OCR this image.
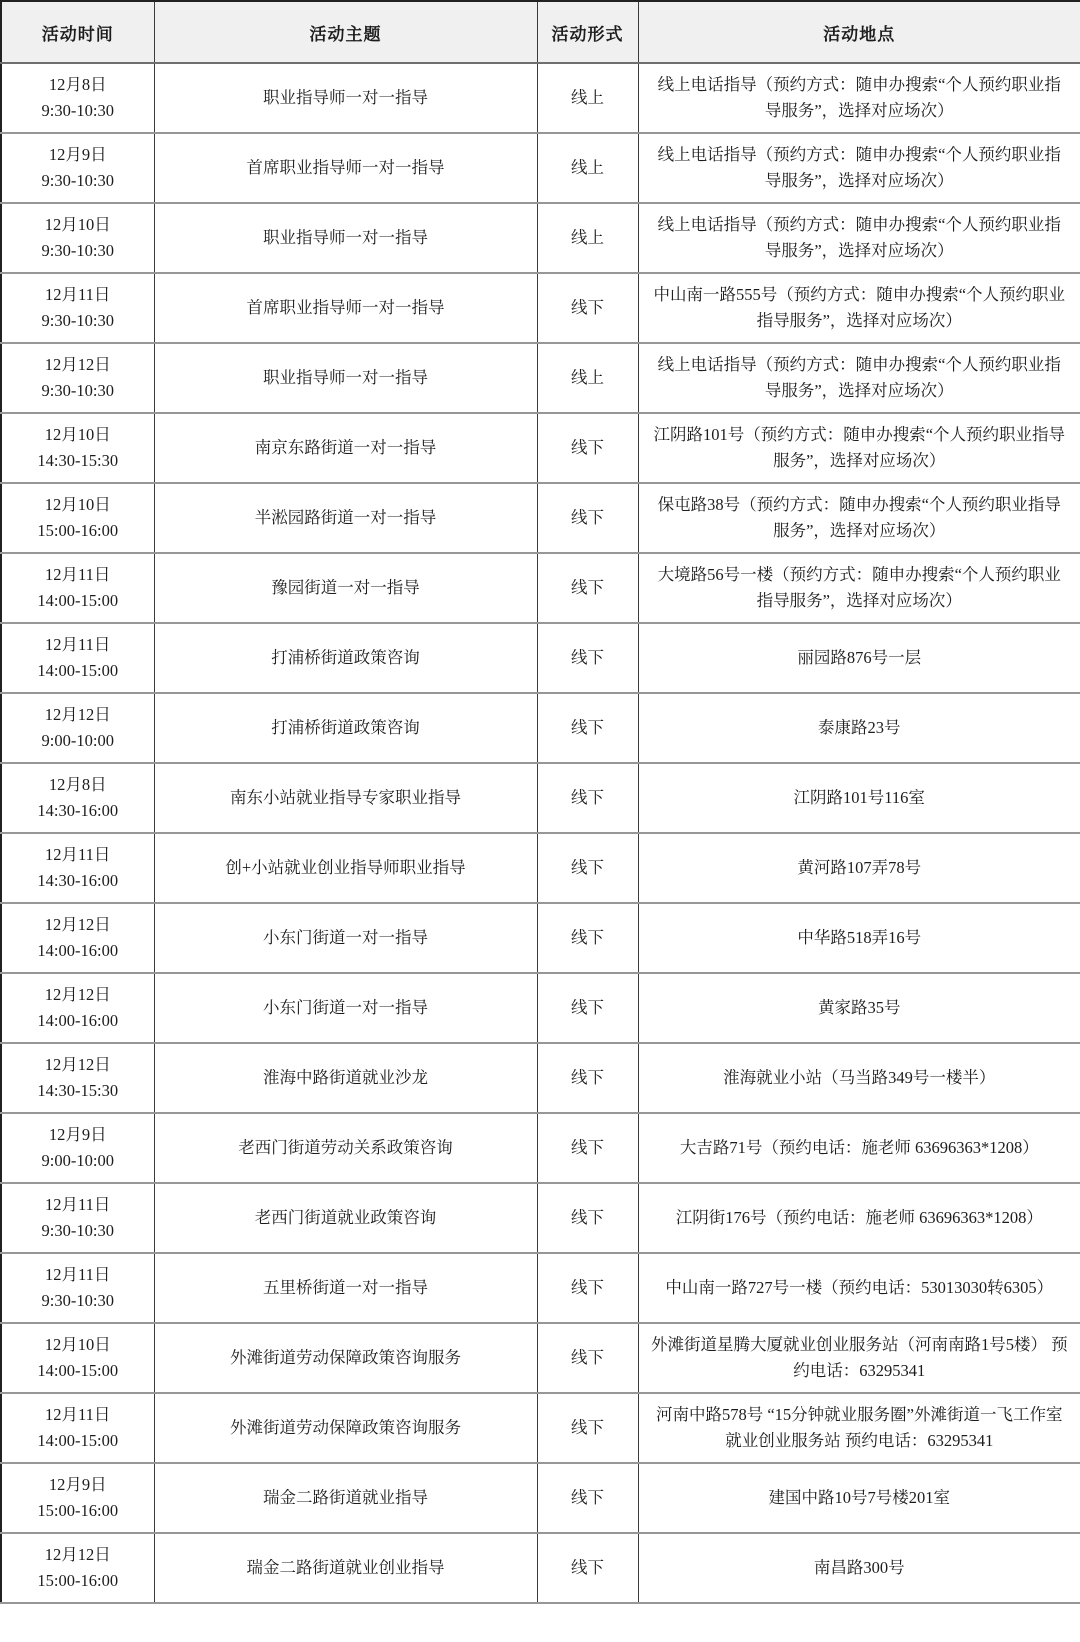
活动时间	活动主题	活动形式	活动地点

12月8日
9:30-10:30	职业指导师一对一指导	线上	线上电话指导（预约方式：随申办搜索“个人预约职业指导服务”，选择对应场次）

12月9日
9:30-10:30	首席职业指导师一对一指导	线上	线上电话指导（预约方式：随申办搜索“个人预约职业指导服务”，选择对应场次）

12月10日
9:30-10:30	职业指导师一对一指导	线上	线上电话指导（预约方式：随申办搜索“个人预约职业指导服务”，选择对应场次）

12月11日
9:30-10:30	首席职业指导师一对一指导	线下	中山南一路555号（预约方式：随申办搜索“个人预约职业指导服务”，选择对应场次）

12月12日
9:30-10:30	职业指导师一对一指导	线上	线上电话指导（预约方式：随申办搜索“个人预约职业指导服务”，选择对应场次）

12月10日
14:30-15:30	南京东路街道一对一指导	线下	江阴路101号（预约方式：随申办搜索“个人预约职业指导服务”，选择对应场次）

12月10日
15:00-16:00	半淞园路街道一对一指导	线下	保屯路38号（预约方式：随申办搜索“个人预约职业指导服务”，选择对应场次）

12月11日
14:00-15:00	豫园街道一对一指导	线下	大境路56号一楼（预约方式：随申办搜索“个人预约职业指导服务”，选择对应场次）

12月11日
14:00-15:00	打浦桥街道政策咨询	线下	丽园路876号一层

12月12日
9:00-10:00	打浦桥街道政策咨询	线下	泰康路23号

12月8日
14:30-16:00	南东小站就业指导专家职业指导	线下	江阴路101号116室

12月11日
14:30-16:00	创+小站就业创业指导师职业指导	线下	黄河路107弄78号

12月12日
14:00-16:00	小东门街道一对一指导	线下	中华路518弄16号

12月12日
14:00-16:00	小东门街道一对一指导	线下	黄家路35号

12月12日
14:30-15:30	淮海中路街道就业沙龙	线下	淮海就业小站（马当路349号一楼半）

12月9日
9:00-10:00	老西门街道劳动关系政策咨询	线下	大吉路71号（预约电话：施老师 63696363*1208）

12月11日
9:30-10:30	老西门街道就业政策咨询	线下	江阴街176号（预约电话：施老师 63696363*1208）

12月11日
9:30-10:30	五里桥街道一对一指导	线下	中山南一路727号一楼（预约电话：53013030转6305）

12月10日
14:00-15:00	外滩街道劳动保障政策咨询服务	线下	外滩街道星腾大厦就业创业服务站（河南南路1号5楼） 预约电话：63295341

12月11日
14:00-15:00	外滩街道劳动保障政策咨询服务	线下	河南中路578号 “15分钟就业服务圈”外滩街道一飞工作室就业创业服务站 预约电话：63295341

12月9日
15:00-16:00	瑞金二路街道就业指导	线下	建国中路10号7号楼201室

12月12日
15:00-16:00	瑞金二路街道就业创业指导	线下	南昌路300号
